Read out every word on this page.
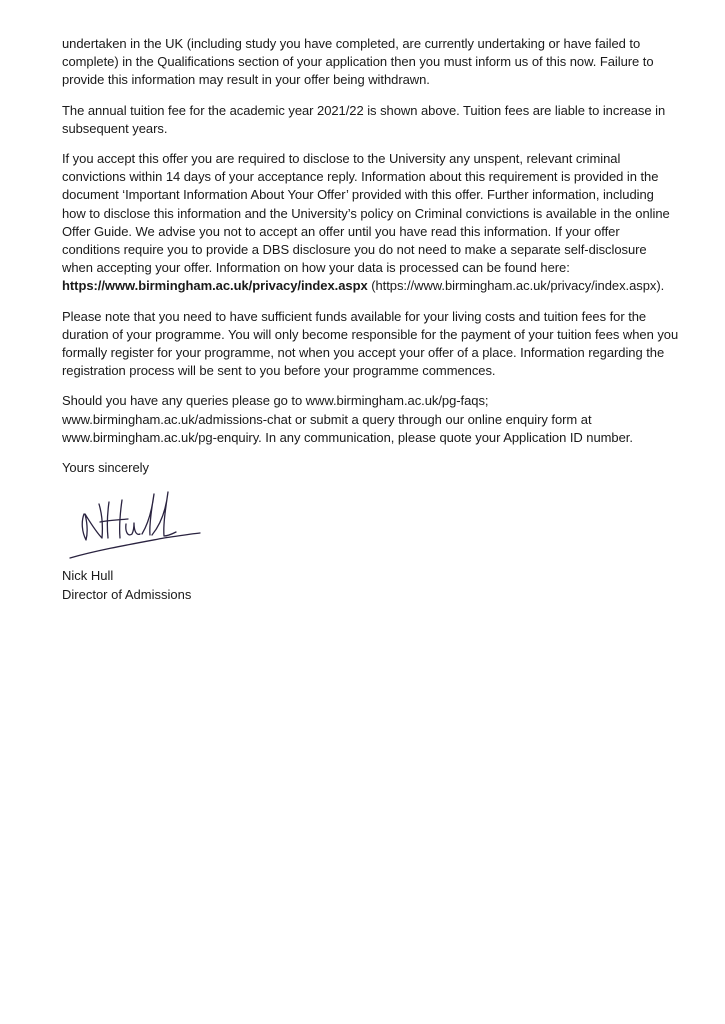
undertaken in the UK (including study you have completed, are currently undertaking or have failed to complete) in the Qualifications section of your application then you must inform us of this now. Failure to provide this information may result in your offer being withdrawn.

The annual tuition fee for the academic year 2021/22 is shown above. Tuition fees are liable to increase in subsequent years.

If you accept this offer you are required to disclose to the University any unspent, relevant criminal convictions within 14 days of your acceptance reply. Information about this requirement is provided in the document ‘Important Information About Your Offer’ provided with this offer. Further information, including how to disclose this information and the University’s policy on Criminal convictions is available in the online Offer Guide. We advise you not to accept an offer until you have read this information. If your offer conditions require you to provide a DBS disclosure you do not need to make a separate self-disclosure when accepting your offer. Information on how your data is processed can be found here: https://www.birmingham.ac.uk/privacy/index.aspx (https://www.birmingham.ac.uk/privacy/index.aspx).

Please note that you need to have sufficient funds available for your living costs and tuition fees for the duration of your programme. You will only become responsible for the payment of your tuition fees when you formally register for your programme, not when you accept your offer of a place. Information regarding the registration process will be sent to you before your programme commences.

Should you have any queries please go to www.birmingham.ac.uk/pg-faqs; www.birmingham.ac.uk/admissions-chat or submit a query through our online enquiry form at www.birmingham.ac.uk/pg-enquiry. In any communication, please quote your Application ID number.

Yours sincerely

Nick Hull
Director of Admissions
